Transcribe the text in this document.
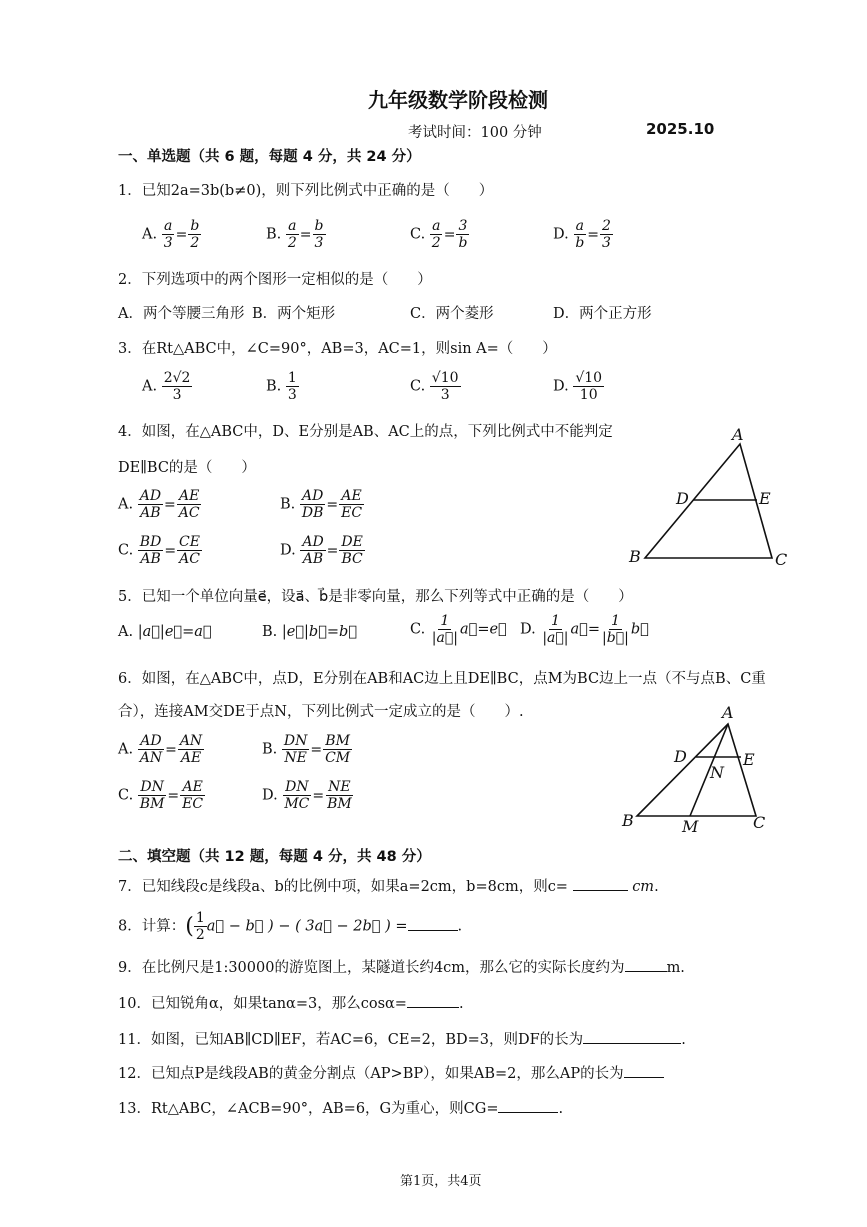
九年级数学阶段检测
考试时间：100 分钟	2025.10
一、单选题（共 6 题，每题 4 分，共 24 分）
1．已知2a=3b(b≠0)，则下列比例式中正确的是（　　）
A. $\frac{a}{3} = \frac{b}{2}$	B. $\frac{a}{2} = \frac{b}{3}$	C. $\frac{a}{2} = \frac{3}{b}$	D. $\frac{a}{b} = \frac{2}{3}$
2．下列选项中的两个图形一定相似的是（　　）
A．两个等腰三角形 B．两个矩形	C．两个菱形	D．两个正方形
3．在Rt△ABC中，∠C=90°，AB=3，AC=1，则sin A=（　　）
A. $\frac{2√2}{3}$	B. $\frac{1}{3}$	C. $\frac{√10}{3}$	D. $\frac{√10}{10}$
4．如图，在△ABC中，D、E分别是AB、AC上的点，下列比例式中不能判定
DE∥BC的是（　　）
A. $\frac{AD}{AB} = \frac{AE}{AC}$	B. $\frac{AD}{DB} = \frac{AE}{EC}$
C. $\frac{BD}{AB} = \frac{CE}{AC}$	D. $\frac{AD}{AB} = \frac{DE}{BC}$
A
D	E
B	C
5．已知一个单位向量e⃗，设a⃗、b⃗是非零向量，那么下列等式中正确的是（　　）
A. |a⃗|e⃗=a⃗	B. |e⃗|b⃗=b⃗	C. $\frac{1}{|a⃗|}$ a⃗=e⃗ D. $\frac{1}{|a⃗|}$ a⃗= $\frac{1}{|b⃗|}$ b⃗
6．如图，在△ABC中，点D，E分别在AB和AC边上且DE∥BC，点M为BC边上一点（不与点B、C重
合），连接AM交DE于点N，下列比例式一定成立的是（　　）.
A. $\frac{AD}{AN} = \frac{AN}{AE}$	B. $\frac{DN}{NE} = \frac{BM}{CM}$
C. $\frac{DN}{BM} = \frac{AE}{EC}$	D. $\frac{DN}{MC} = \frac{NE}{BM}$
A
D	E
N
B	M	C
二、填空题（共 12 题，每题 4 分，共 48 分）
7．已知线段c是线段a、b的比例中项，如果a=2cm，b=8cm，则c=	cm.
8．计算：( $\frac{1}{2}$ a⃗ − b⃗ ) − ( 3a⃗ − 2b⃗ ) =	.
9．在比例尺是1:30000的游览图上，某隧道长约4cm，那么它的实际长度约为	m.
10．已知锐角α，如果tanα=3，那么cosα=	.
11．如图，已知AB∥CD∥EF，若AC=6，CE=2，BD=3，则DF的长为	.
12．已知点P是线段AB的黄金分割点（AP>BP），如果AB=2，那么AP的长为
13．Rt△ABC，∠ACB=90°，AB=6，G为重心，则CG=	.
第1页，共4页
